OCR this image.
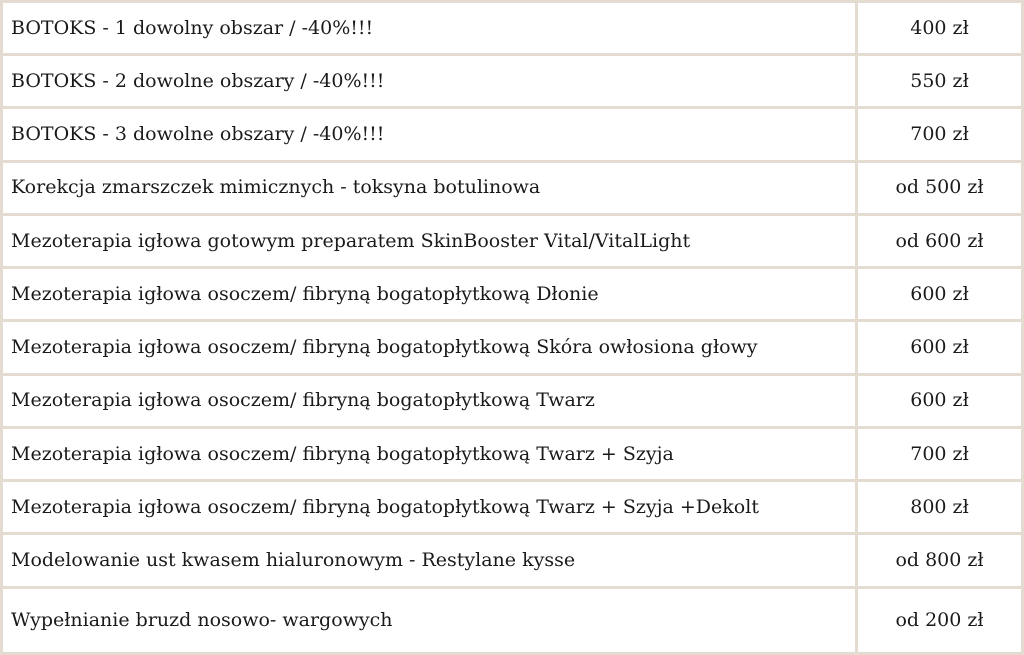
BOTOKS - 1 dowolny obszar / -40%!!!	400 zł
BOTOKS - 2 dowolne obszary / -40%!!!	550 zł
BOTOKS - 3 dowolne obszary / -40%!!!	700 zł
Korekcja zmarszczek mimicznych - toksyna botulinowa	od 500 zł
Mezoterapia igłowa gotowym preparatem SkinBooster Vital/VitalLight	od 600 zł
Mezoterapia igłowa osoczem/ fibryną bogatopłytkową Dłonie	600 zł
Mezoterapia igłowa osoczem/ fibryną bogatopłytkową Skóra owłosiona głowy	600 zł
Mezoterapia igłowa osoczem/ fibryną bogatopłytkową Twarz	600 zł
Mezoterapia igłowa osoczem/ fibryną bogatopłytkową Twarz + Szyja	700 zł
Mezoterapia igłowa osoczem/ fibryną bogatopłytkową Twarz + Szyja +Dekolt	800 zł
Modelowanie ust kwasem hialuronowym - Restylane kysse	od 800 zł
Wypełnianie bruzd nosowo- wargowych	od 200 zł
